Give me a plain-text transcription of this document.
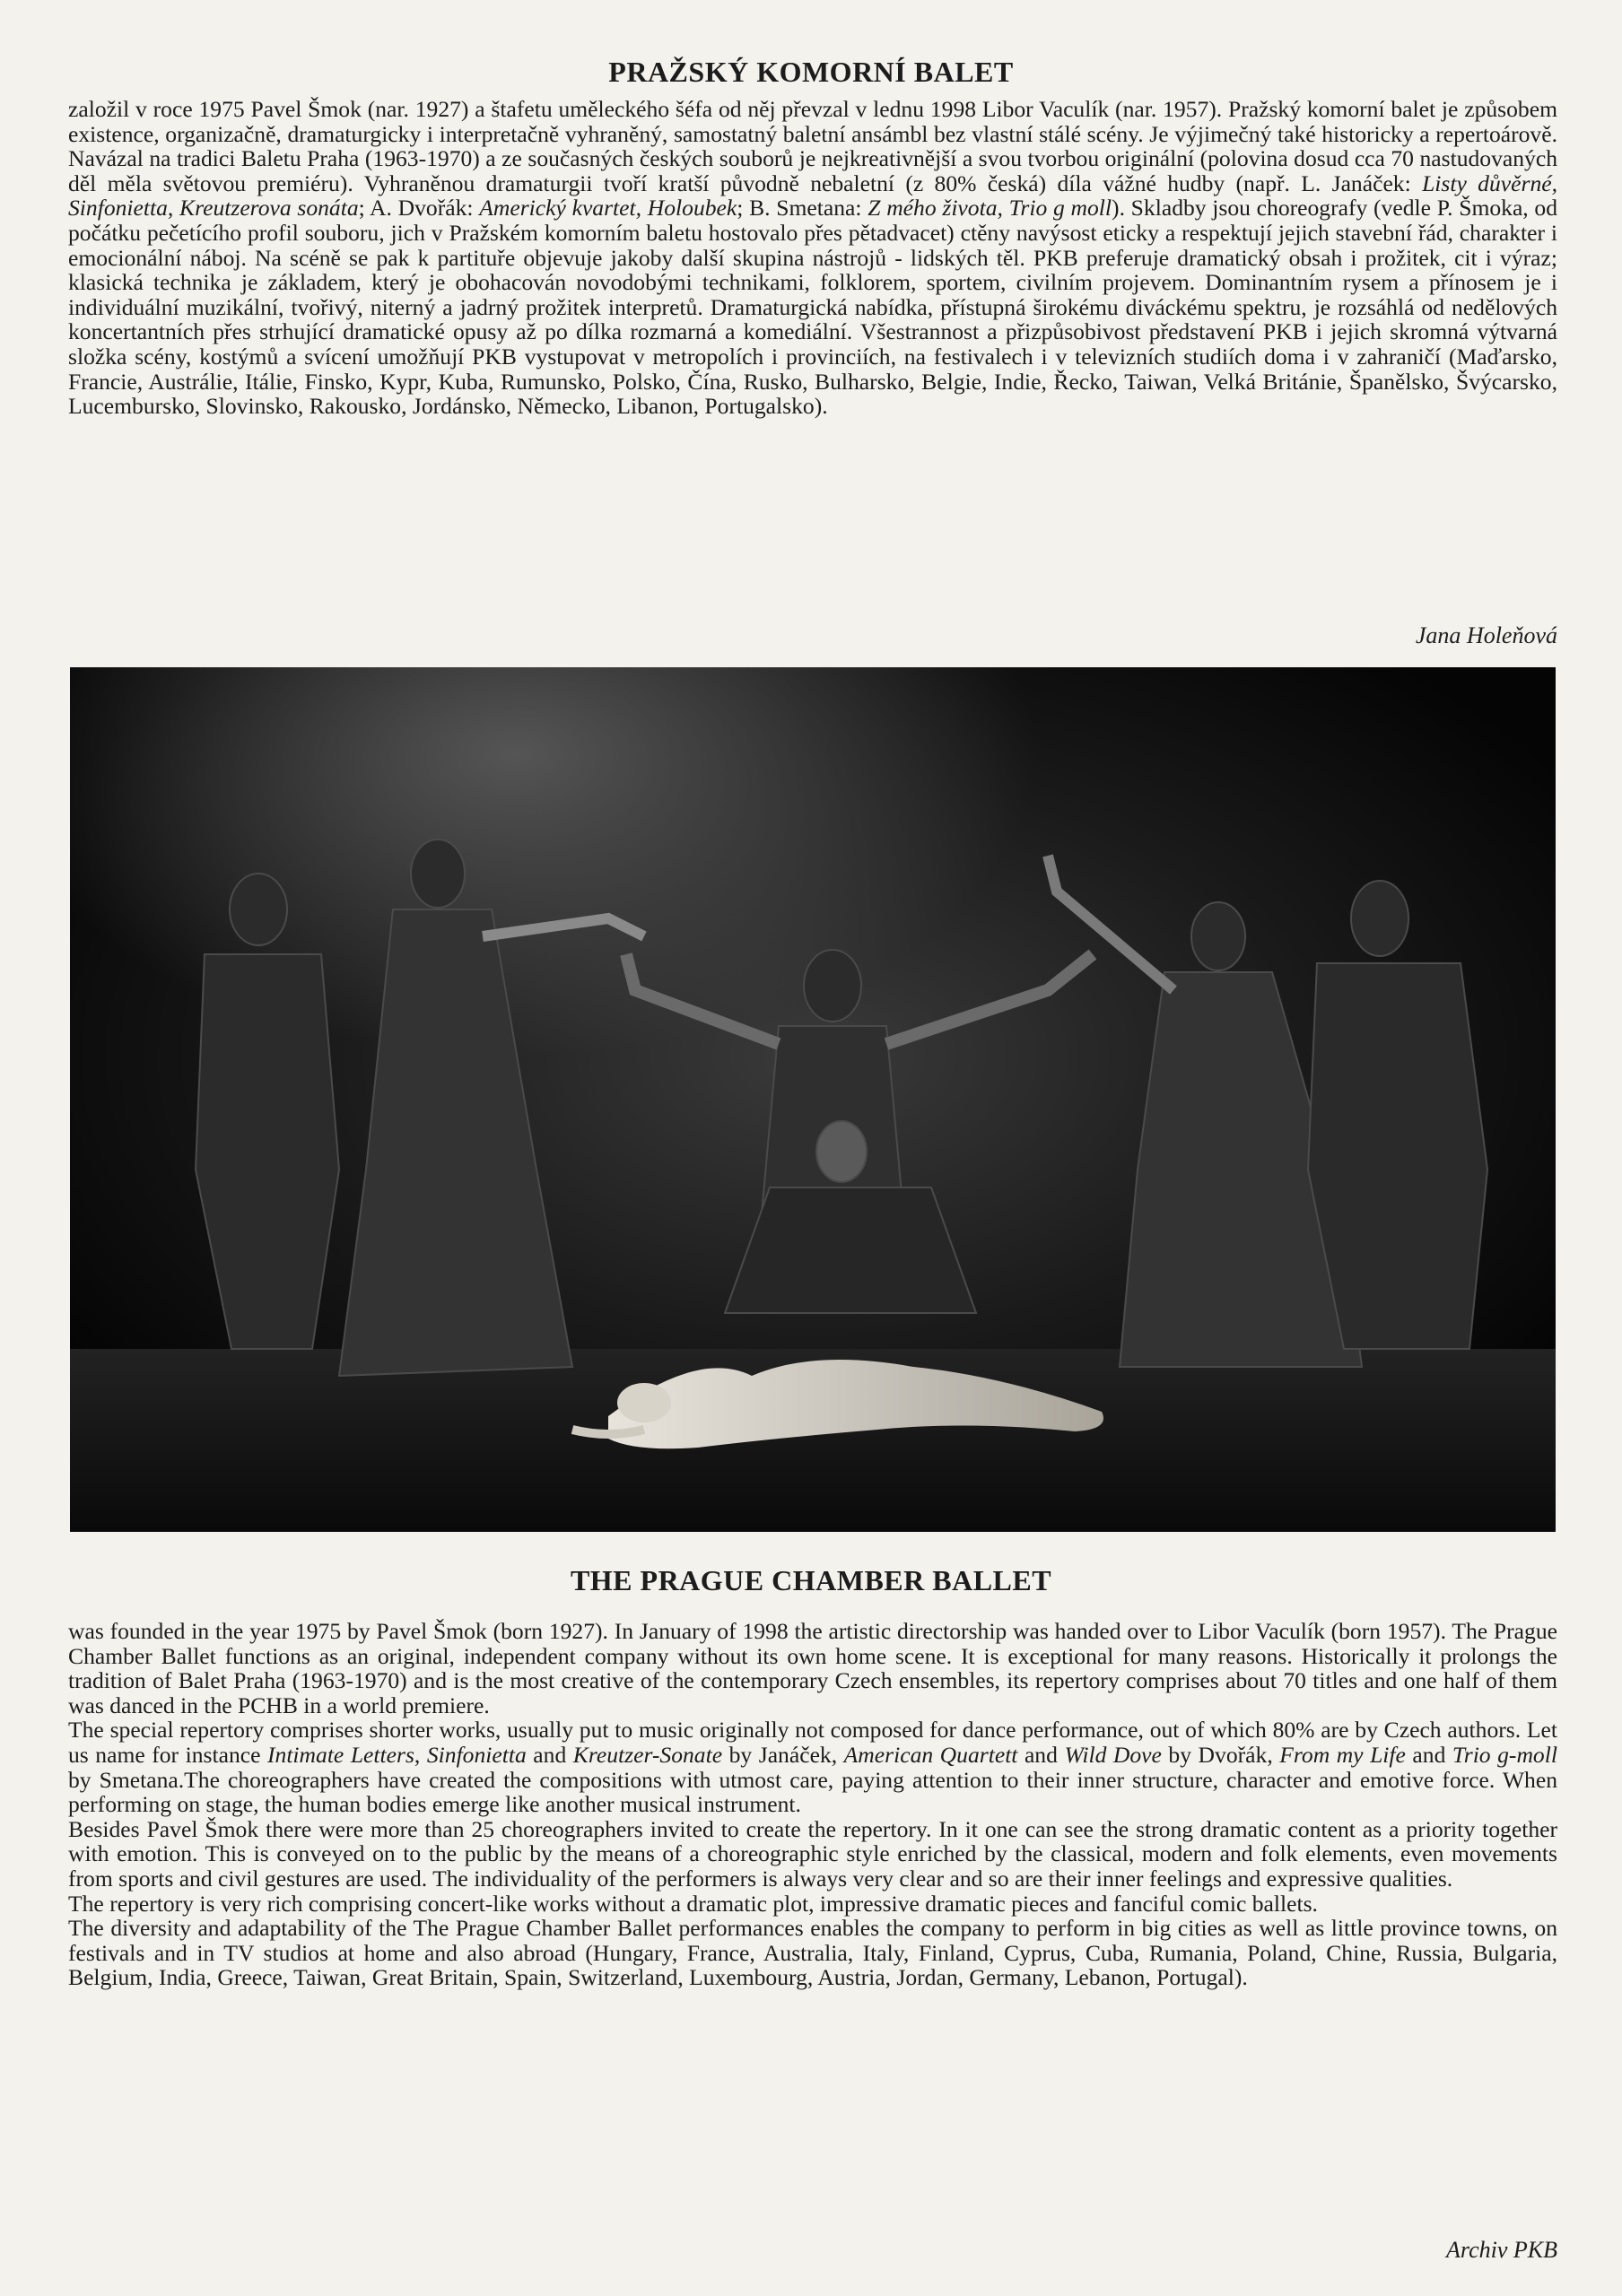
PRAŽSKÝ KOMORNÍ BALET

založil v roce 1975 Pavel Šmok (nar. 1927) a štafetu uměleckého šéfa od něj převzal v lednu 1998 Libor Vaculík (nar. 1957). Pražský komorní balet je způsobem existence, organizačně, dramaturgicky i interpretačně vyhraněný, samostatný baletní ansámbl bez vlastní stálé scény. Je výjimečný také historicky a repertoárově. Navázal na tradici Baletu Praha (1963-1970) a ze současných českých souborů je nejkreativnější a svou tvorbou originální (polovina dosud cca 70 nastudovaných děl měla světovou premiéru). Vyhraněnou dramaturgii tvoří kratší původně nebaletní (z 80% česká) díla vážné hudby (např. L. Janáček: Listy důvěrné, Sinfonietta, Kreutzerova sonáta; A. Dvořák: Americký kvartet, Holoubek; B. Smetana: Z mého života, Trio g moll). Skladby jsou choreografy (vedle P. Šmoka, od počátku pečetícího profil souboru, jich v Pražském komorním baletu hostovalo přes pětadvacet) ctěny navýsost eticky a respektují jejich stavební řád, charakter i emocionální náboj. Na scéně se pak k partituře objevuje jakoby další skupina nástrojů - lidských těl. PKB preferuje dramatický obsah i prožitek, cit i výraz; klasická technika je základem, který je obohacován novodobými technikami, folklorem, sportem, civilním projevem. Dominantním rysem a přínosem je i individuální muzikální, tvořivý, niterný a jadrný prožitek interpretů. Dramaturgická nabídka, přístupná širokému diváckému spektru, je rozsáhlá od nedělových koncertantních přes strhující dramatické opusy až po dílka rozmarná a komediální. Všestrannost a přizpůsobivost představení PKB i jejich skromná výtvarná složka scény, kostýmů a svícení umožňují PKB vystupovat v metropolích i provinciích, na festivalech i v televizních studiích doma i v zahraničí (Maďarsko, Francie, Austrálie, Itálie, Finsko, Kypr, Kuba, Rumunsko, Polsko, Čína, Rusko, Bulharsko, Belgie, Indie, Řecko, Taiwan, Velká Británie, Španělsko, Švýcarsko, Lucembursko, Slovinsko, Rakousko, Jordánsko, Německo, Libanon, Portugalsko).

Jana Holeňová

THE PRAGUE CHAMBER BALLET

was founded in the year 1975 by Pavel Šmok (born 1927). In January of 1998 the artistic directorship was handed over to Libor Vaculík (born 1957). The Prague Chamber Ballet functions as an original, independent company without its own home scene. It is exceptional for many reasons. Historically it prolongs the tradition of Balet Praha (1963-1970) and is the most creative of the contemporary Czech ensembles, its repertory comprises about 70 titles and one half of them was danced in the PCHB in a world premiere.

The special repertory comprises shorter works, usually put to music originally not composed for dance performance, out of which 80% are by Czech authors. Let us name for instance Intimate Letters, Sinfonietta and Kreutzer-Sonate by Janáček, American Quartett and Wild Dove by Dvořák, From my Life and Trio g-moll by Smetana.The choreographers have created the compositions with utmost care, paying attention to their inner structure, character and emotive force. When performing on stage, the human bodies emerge like another musical instrument.

Besides Pavel Šmok there were more than 25 choreographers invited to create the repertory. In it one can see the strong dramatic content as a priority together with emotion. This is conveyed on to the public by the means of a choreographic style enriched by the classical, modern and folk elements, even movements from sports and civil gestures are used. The individuality of the performers is always very clear and so are their inner feelings and expressive qualities.

The repertory is very rich comprising concert-like works without a dramatic plot, impressive dramatic pieces and fanciful comic ballets.

The diversity and adaptability of the The Prague Chamber Ballet performances enables the company to perform in big cities as well as little province towns, on festivals and in TV studios at home and also abroad (Hungary, France, Australia, Italy, Finland, Cyprus, Cuba, Rumania, Poland, Chine, Russia, Bulgaria, Belgium, India, Greece, Taiwan, Great Britain, Spain, Switzerland, Luxembourg, Austria, Jordan, Germany, Lebanon, Portugal).

Archiv PKB
